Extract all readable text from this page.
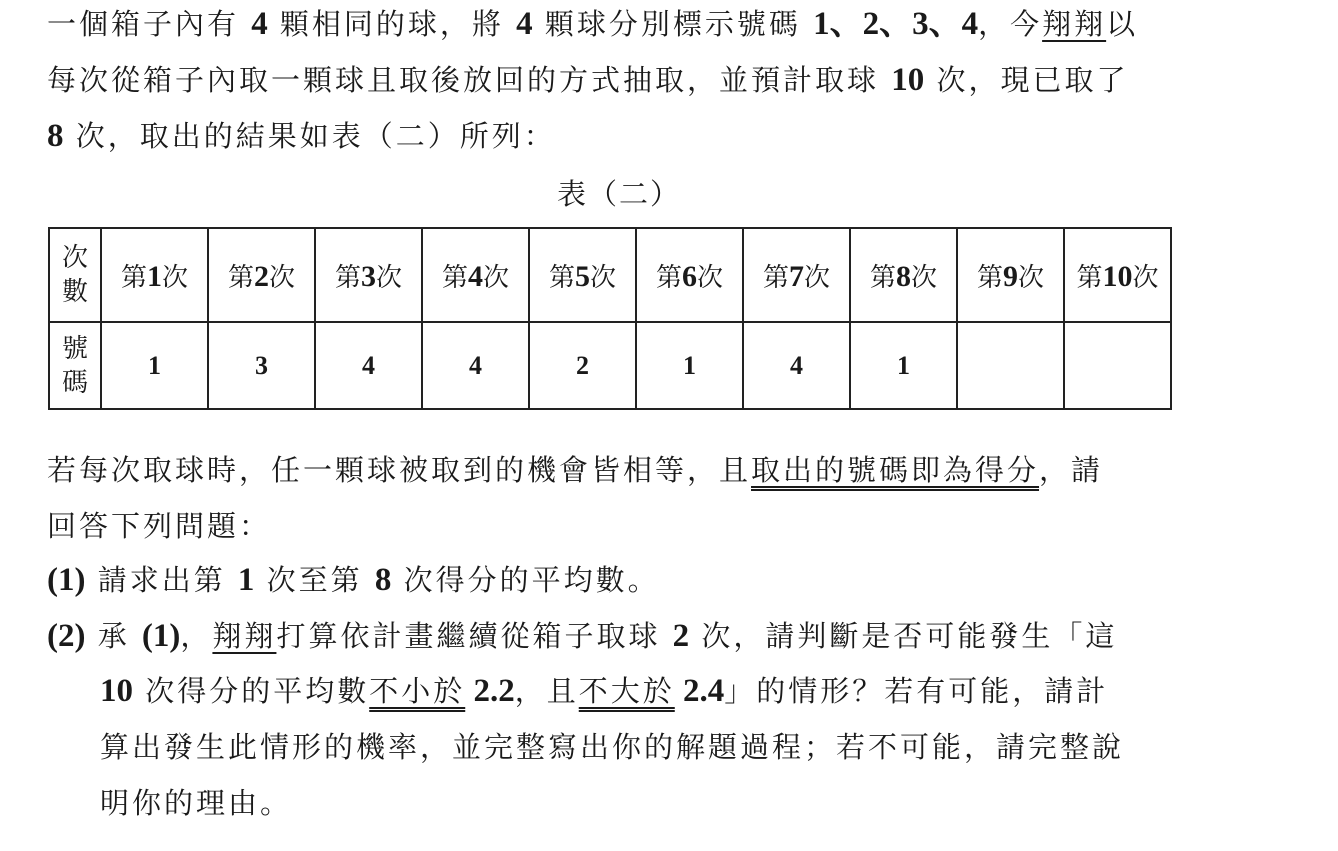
一個箱子內有 4 顆相同的球，將 4 顆球分別標示號碼 1、2、3、4，今翔翔以
每次從箱子內取一顆球且取後放回的方式抽取，並預計取球 10 次，現已取了
8 次，取出的結果如表（二）所列：
表（二）
次
數	第1次	第2次	第3次	第4次	第5次	第6次	第7次	第8次	第9次	第10次

號
碼	1	3	4	4	2	1	4	1		
若每次取球時，任一顆球被取到的機會皆相等，且取出的號碼即為得分，請
回答下列問題：
(1) 請求出第 1 次至第 8 次得分的平均數。
(2) 承 (1)，翔翔打算依計畫繼續從箱子取球 2 次，請判斷是否可能發生「這
10 次得分的平均數不小於 2.2，且不大於 2.4」的情形？若有可能，請計
算出發生此情形的機率，並完整寫出你的解題過程；若不可能，請完整說
明你的理由。
